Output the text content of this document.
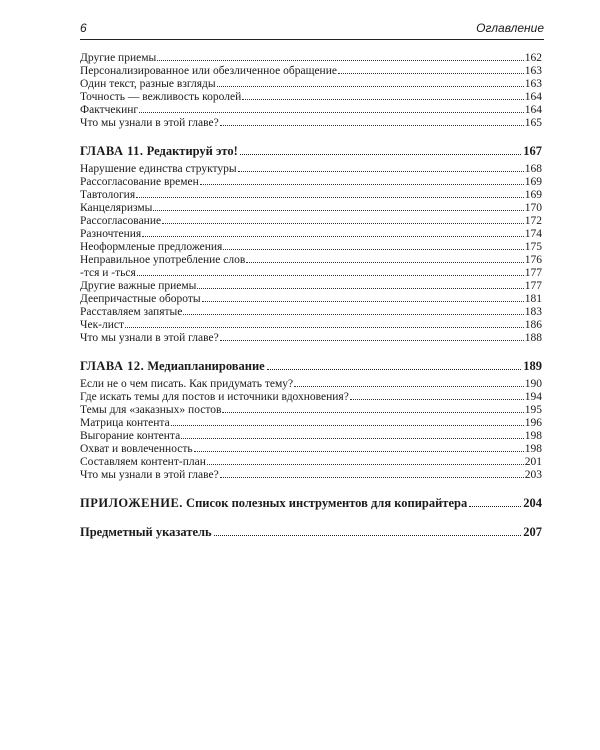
6	Оглавление
Другие приемы	162
Персонализированное или обезличенное обращение	163
Один текст, разные взгляды	163
Точность — вежливость королей	164
Фактчекинг	164
Что мы узнали в этой главе?	165
ГЛАВА 11. Редактируй это!	167
Нарушение единства структуры	168
Рассогласование времен	169
Тавтология	169
Канцеляризмы	170
Рассогласование	172
Разночтения	174
Неоформленые предложения	175
Неправильное употребление слов	176
-тся и -ться	177
Другие важные приемы	177
Деепричастные обороты	181
Расставляем запятые	183
Чек-лист	186
Что мы узнали в этой главе?	188
ГЛАВА 12. Медиапланирование	189
Если не о чем писать. Как придумать тему?	190
Где искать темы для постов и источники вдохновения?	194
Темы для «заказных» постов	195
Матрица контента	196
Выгорание контента	198
Охват и вовлеченность	198
Составляем контент-план	201
Что мы узнали в этой главе?	203
ПРИЛОЖЕНИЕ. Список полезных инструментов для копирайтера	204
Предметный указатель	207
